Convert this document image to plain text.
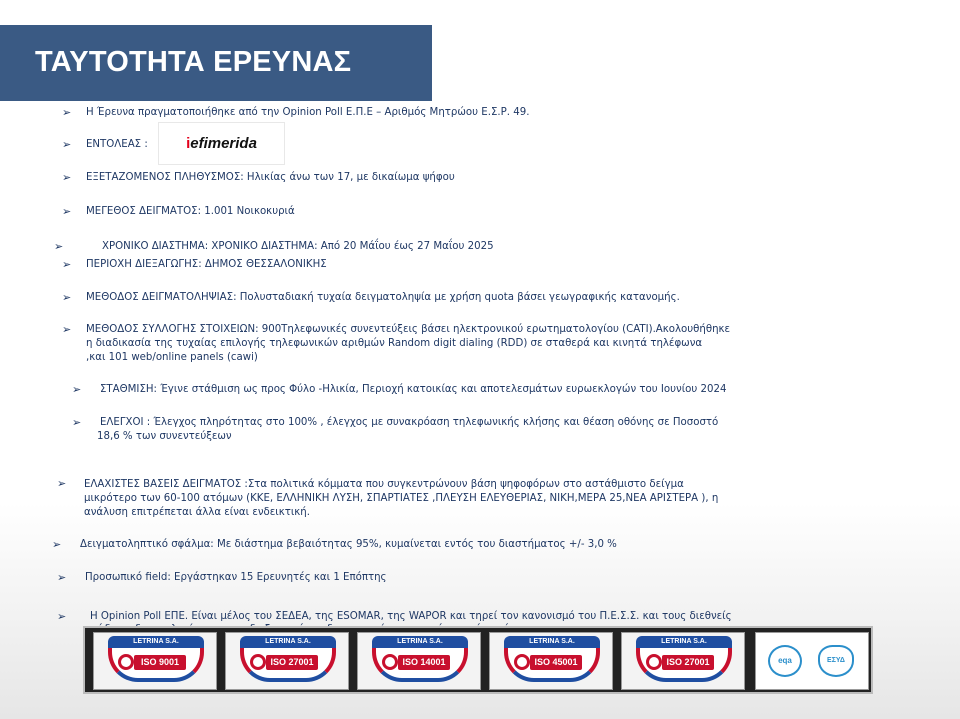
ΤΑΥΤΟΤΗΤΑ ΕΡΕΥΝΑΣ
➢ Η Έρευνα πραγματοποιήθηκε από την Opinion Poll Ε.Π.Ε – Αριθμός Μητρώου Ε.Σ.Ρ. 49.
➢ ΕΝΤΟΛΕΑΣ :	i efimerida
➢ ΕΞΕΤΑΖΟΜΕΝΟΣ ΠΛΗΘΥΣΜΟΣ: Ηλικίας άνω των 17, με δικαίωμα ψήφου
➢ ΜΕΓΕΘΟΣ ΔΕΙΓΜΑΤΟΣ: 1.001 Νοικοκυριά
➢	ΧΡΟΝΙΚΟ ΔΙΑΣΤΗΜΑ: ΧΡΟΝΙΚΟ ΔΙΑΣΤΗΜΑ: Από 20 Μάΐου έως 27 Μαΐου 2025
➢ ΠΕΡΙΟΧΗ ΔΙΕΞΑΓΩΓΗΣ: ΔΗΜΟΣ ΘΕΣΣΑΛΟΝΙΚΗΣ
➢ ΜΕΘΟΔΟΣ ΔΕΙΓΜΑΤΟΛΗΨΙΑΣ: Πολυσταδιακή τυχαία δειγματοληψία με χρήση quota βάσει γεωγραφικής κατανομής.
➢ ΜΕΘΟΔΟΣ ΣΥΛΛΟΓΗΣ ΣΤΟΙΧΕΙΩΝ: 900Τηλεφωνικές συνεντεύξεις βάσει ηλεκτρονικού ερωτηματολογίου (CATI).Ακολουθήθηκε
η διαδικασία της τυχαίας επιλογής τηλεφωνικών αριθμών Random digit dialing (RDD) σε σταθερά και κινητά τηλέφωνα
,και 101 web/online panels (cawi)
➢ ΣΤΑΘΜΙΣΗ: Έγινε στάθμιση ως προς Φύλο -Ηλικία, Περιοχή κατοικίας και αποτελεσμάτων ευρωεκλογών του Ιουνίου 2024
➢ ΕΛΕΓΧΟΙ : Έλεγχος πληρότητας στο 100% , έλεγχος με συνακρόαση τηλεφωνικής κλήσης και θέαση οθόνης σε Ποσοστό
18,6 % των συνεντεύξεων
➢ ΕΛΑΧΙΣΤΕΣ ΒΑΣΕΙΣ ΔΕΙΓΜΑΤΟΣ :Στα πολιτικά κόμματα που συγκεντρώνουν βάση ψηφοφόρων στο αστάθμιστο δείγμα
μικρότερο των 60-100 ατόμων (ΚΚΕ, ΕΛΛΗΝΙΚΗ ΛΥΣΗ, ΣΠΑΡΤΙΑΤΕΣ ,ΠΛΕΥΣΗ ΕΛΕΥΘΕΡΙΑΣ, ΝΙΚΗ,ΜΕΡΑ 25,ΝΕΑ ΑΡΙΣΤΕΡΑ ), η
ανάλυση επιτρέπεται άλλα είναι ενδεικτική.
➢ Δειγματοληπτικό σφάλμα: Με διάστημα βεβαιότητας 95%, κυμαίνεται εντός του διαστήματος +/- 3,0 %
➢ Προσωπικό field: Εργάστηκαν 15 Ερευνητές και 1 Επόπτης
➢ Η Opinion Poll ΕΠΕ. Είναι μέλος του ΣΕΔΕΑ, της ESOMAR, της WAPOR και τηρεί τον κανονισμό του Π.Ε.Σ.Σ. και τους διεθνείς
LETRINA S.A.
ISO 9001
LETRINA S.A.
ISO 27001
LETRINA S.A.
ISO 14001
LETRINA S.A.
ISO 45001
LETRINA S.A.
ISO 27001	eqa	ΕΣΥΔ
